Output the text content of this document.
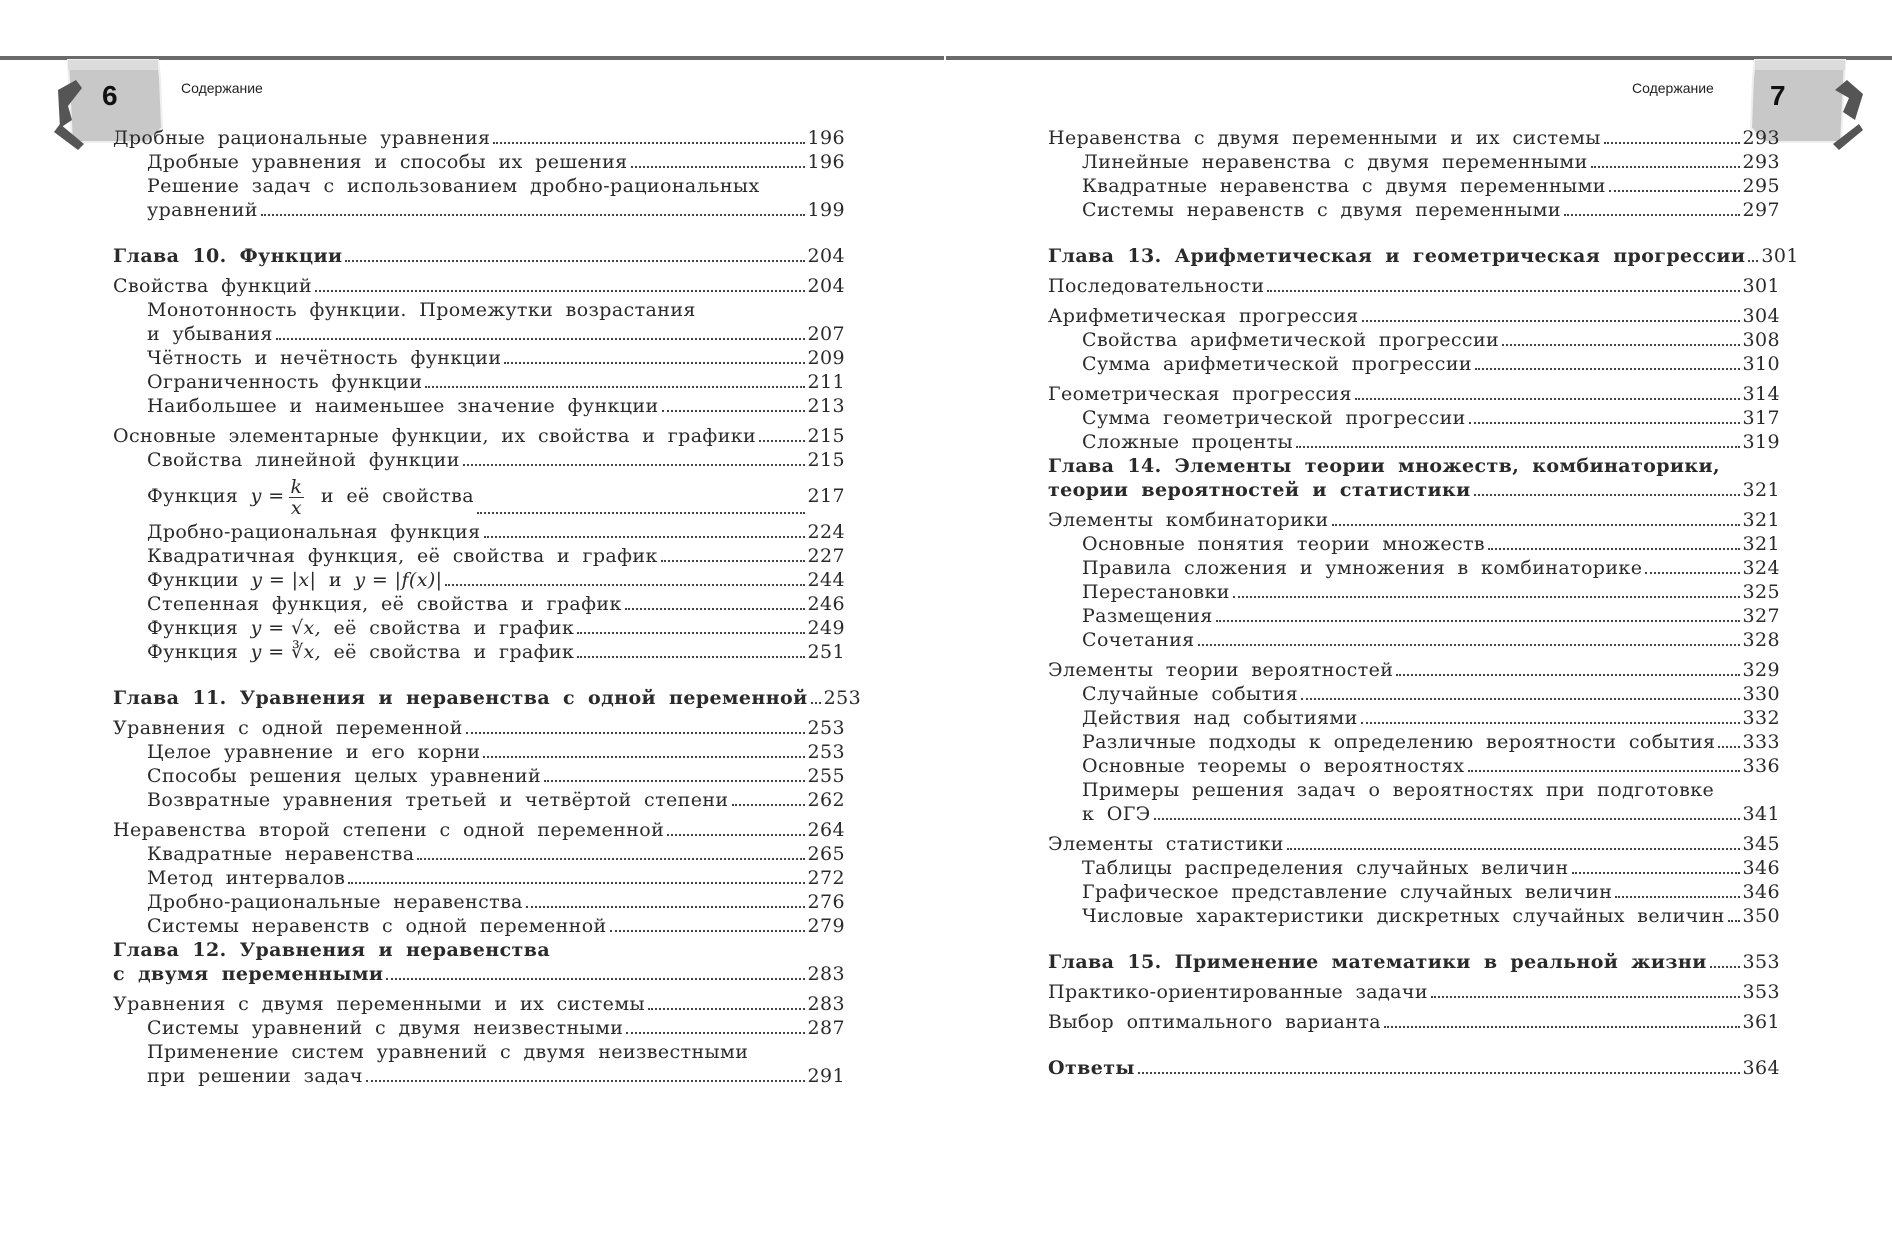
6	Содержание	7
Содержание
Дробные рациональные уравнения	196
Дробные уравнения и способы их решения	196
Решение задач с использованием дробно-рациональных
уравнений	199
Глава 10. Функции	204
Свойства функций	204
Монотонность функции. Промежутки возрастания
и убывания	207
Чётность и нечётность функции	209
Ограниченность функции	211
Наибольшее и наименьшее значение функции	213
Основные элементарные функции, их свойства и графики	215
Свойства линейной функции	215
Функция $y = \frac{k}{x}$ и её свойства	217
Дробно-рациональная функция	224
Квадратичная функция, её свойства и график	227
Функции y = |x| и y = |f(x)|	244
Степенная функция, её свойства и график	246
Функция y = √x, её свойства и график	249
Функция y = ∛x, её свойства и график	251
Глава 11. Уравнения и неравенства с одной переменной 253
Уравнения с одной переменной	253
Целое уравнение и его корни	253
Способы решения целых уравнений	255
Возвратные уравнения третьей и четвёртой степени	262
Неравенства второй степени с одной переменной	264
Квадратные неравенства	265
Метод интервалов	272
Дробно-рациональные неравенства	276
Системы неравенств с одной переменной	279
Глава 12. Уравнения и неравенства
с двумя переменными	283
Уравнения с двумя переменными и их системы	283
Системы уравнений с двумя неизвестными	287
Применение систем уравнений с двумя неизвестными
при решении задач	291
Неравенства с двумя переменными и их системы	293
Линейные неравенства с двумя переменными	293
Квадратные неравенства с двумя переменными	295
Системы неравенств с двумя переменными	297
Глава 13. Арифметическая и геометрическая прогрессии 301
Последовательности	301
Арифметическая прогрессия	304
Свойства арифметической прогрессии	308
Сумма арифметической прогрессии	310
Геометрическая прогрессия	314
Сумма геометрической прогрессии	317
Сложные проценты	319
Глава 14. Элементы теории множеств, комбинаторики,
теории вероятностей и статистики	321
Элементы комбинаторики	321
Основные понятия теории множеств	321
Правила сложения и умножения в комбинаторике	324
Перестановки	325
Размещения	327
Сочетания	328
Элементы теории вероятностей	329
Случайные события	330
Действия над событиями	332
Различные подходы к определению вероятности события 333
Основные теоремы о вероятностях	336
Примеры решения задач о вероятностях при подготовке
к ОГЭ	341
Элементы статистики	345
Таблицы распределения случайных величин	346
Графическое представление случайных величин	346
Числовые характеристики дискретных случайных величин 350
Глава 15. Применение математики в реальной жизни 353
Практико-ориентированные задачи	353
Выбор оптимального варианта	361
Ответы	364
